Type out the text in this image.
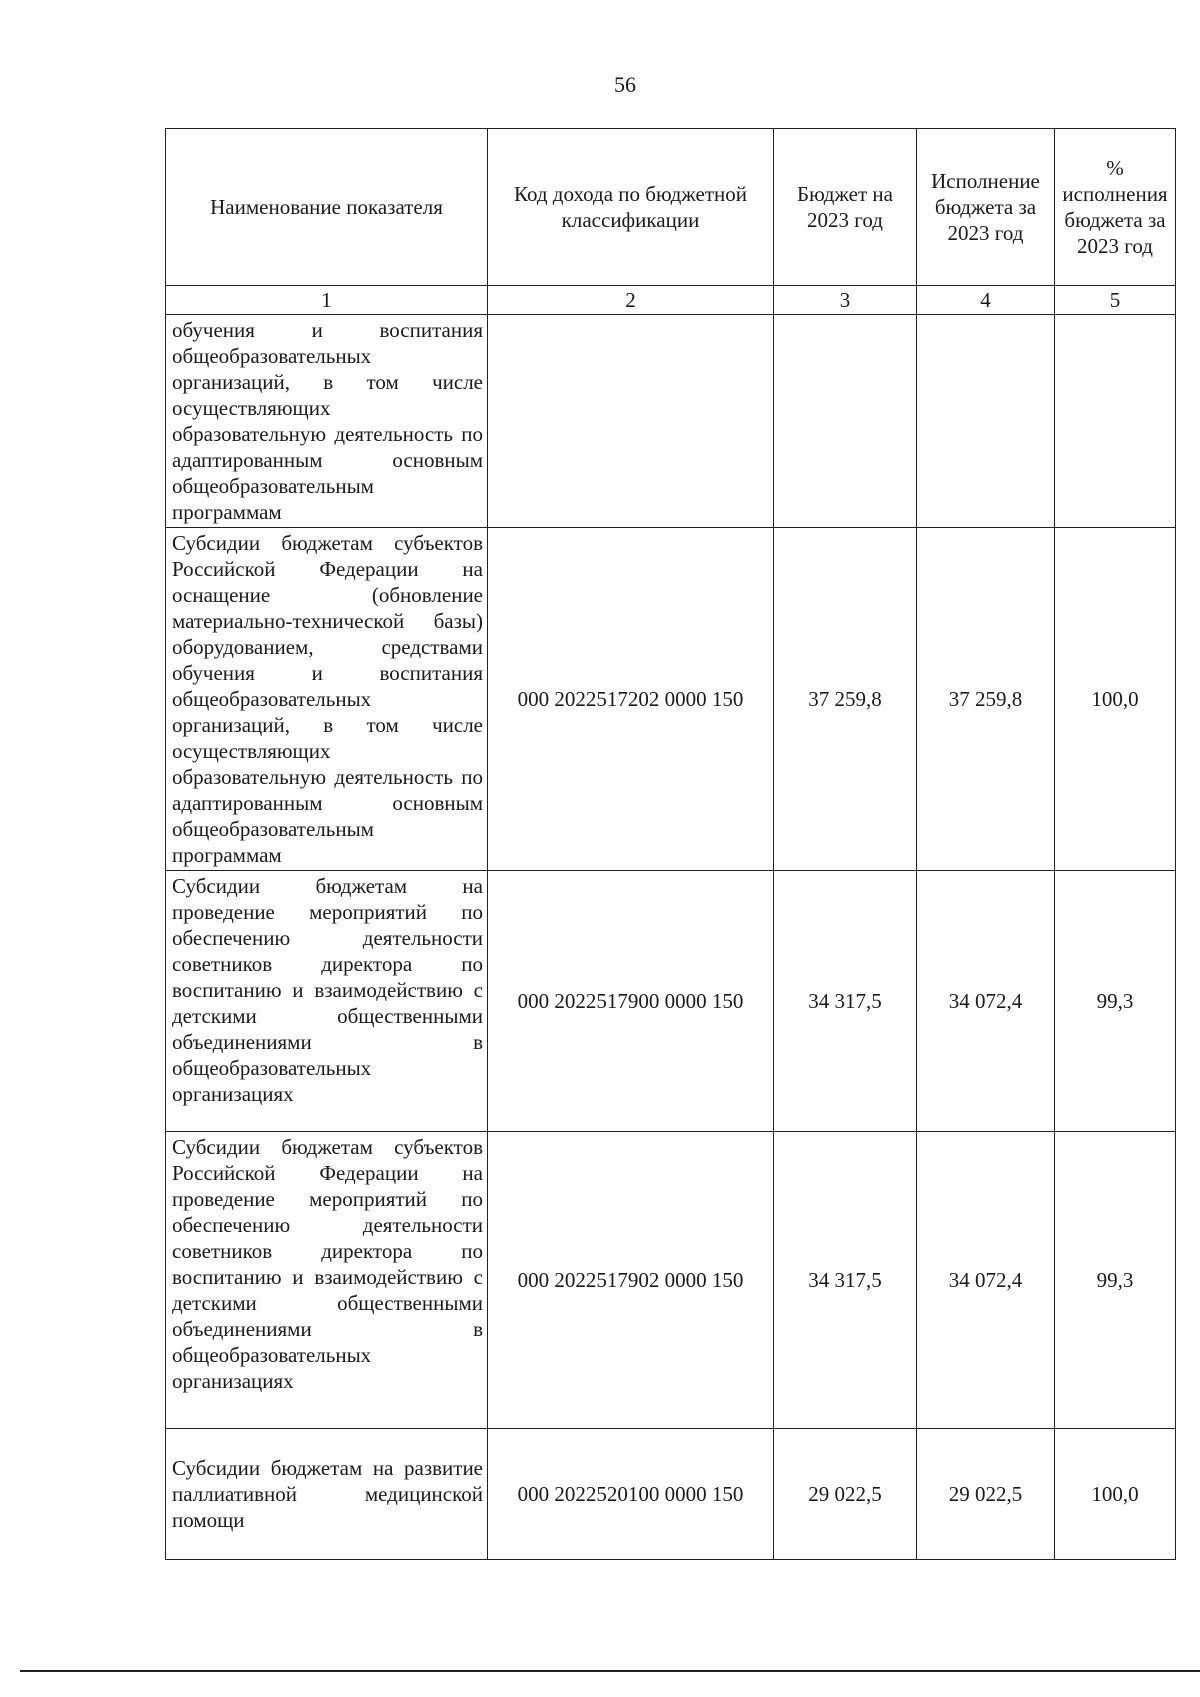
56
Наименование показателя	Код дохода по бюджетной классификации	Бюджет на 2023 год	Исполнение бюджета за 2023 год	% исполнения бюджета за 2023 год
1	2	3	4	5
обучения и воспитания общеобразовательных организаций, в том числе осуществляющих образовательную деятельность по адаптированным основным общеобразовательным программам				
Субсидии бюджетам субъектов Российской Федерации на оснащение (обновление материально-технической базы) оборудованием, средствами обучения и воспитания общеобразовательных организаций, в том числе осуществляющих образовательную деятельность по адаптированным основным общеобразовательным программам	000 2022517202 0000 150	37 259,8	37 259,8	100,0
Субсидии бюджетам на проведение мероприятий по обеспечению деятельности советников директора по воспитанию и взаимодействию с детскими общественными объединениями в общеобразовательных организациях	000 2022517900 0000 150	34 317,5	34 072,4	99,3
Субсидии бюджетам субъектов Российской Федерации на проведение мероприятий по обеспечению деятельности советников директора по воспитанию и взаимодействию с детскими общественными объединениями в общеобразовательных организациях	000 2022517902 0000 150	34 317,5	34 072,4	99,3
Субсидии бюджетам на развитие паллиативной медицинской помощи	000 2022520100 0000 150	29 022,5	29 022,5	100,0
